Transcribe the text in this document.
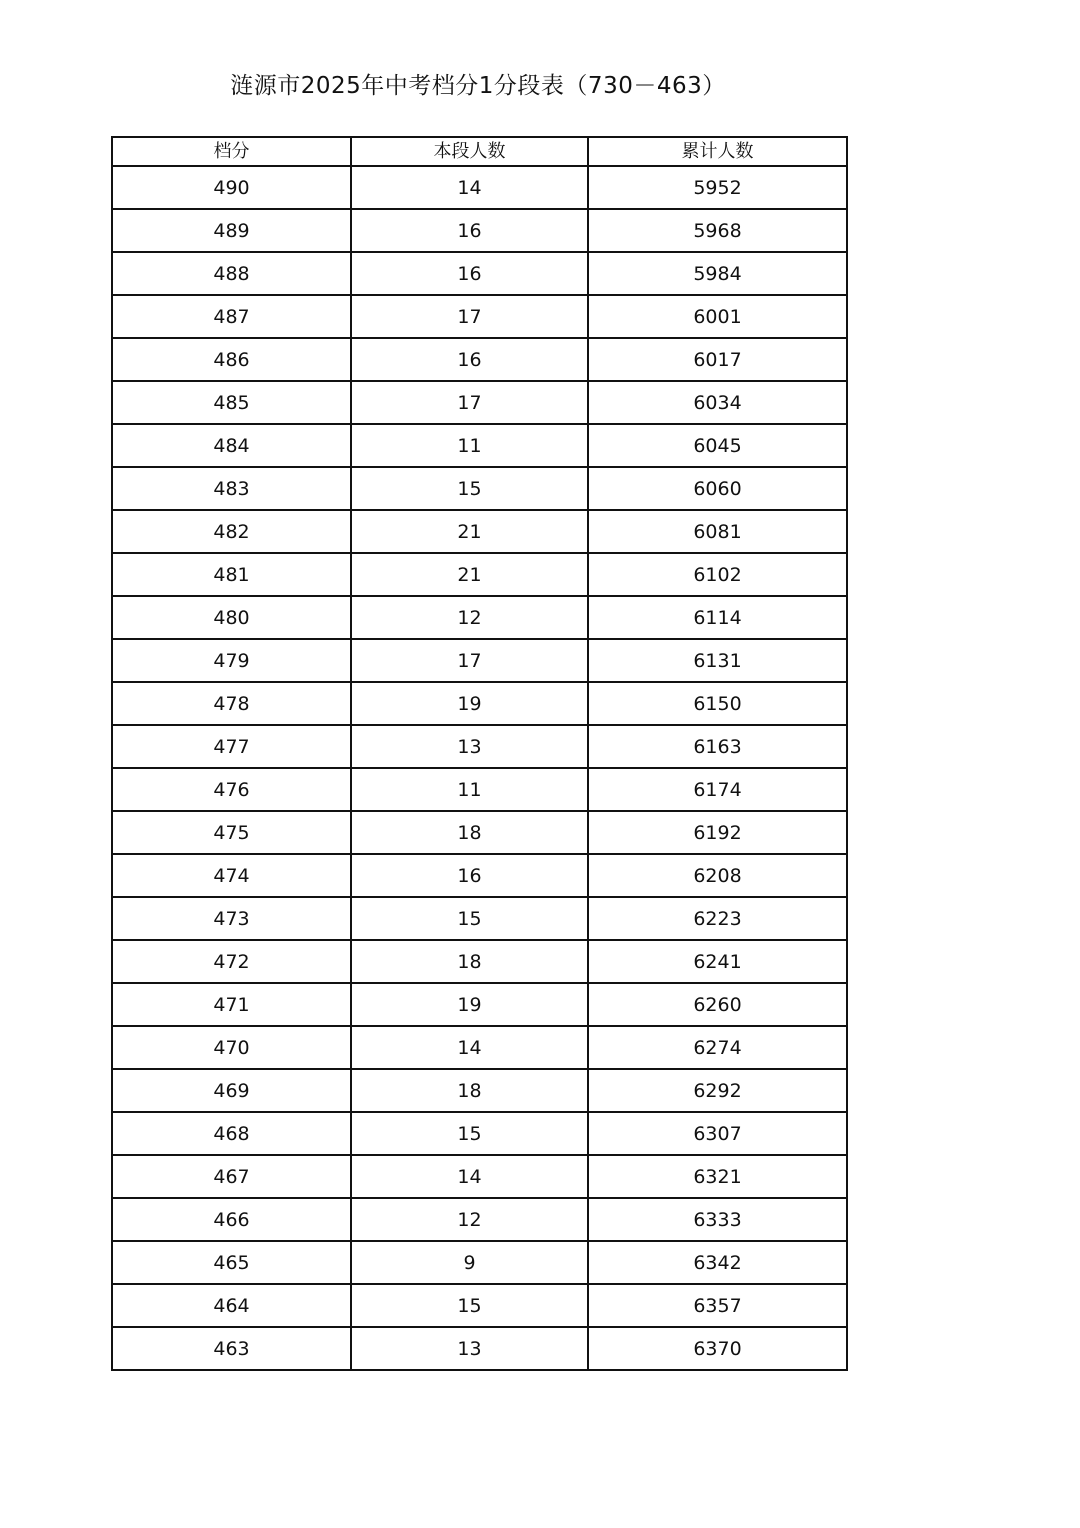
涟源市2025年中考档分1分段表（730－463）
档分	本段人数	累计人数
490	14	5952
489	16	5968
488	16	5984
487	17	6001
486	16	6017
485	17	6034
484	11	6045
483	15	6060
482	21	6081
481	21	6102
480	12	6114
479	17	6131
478	19	6150
477	13	6163
476	11	6174
475	18	6192
474	16	6208
473	15	6223
472	18	6241
471	19	6260
470	14	6274
469	18	6292
468	15	6307
467	14	6321
466	12	6333
465	9	6342
464	15	6357
463	13	6370
